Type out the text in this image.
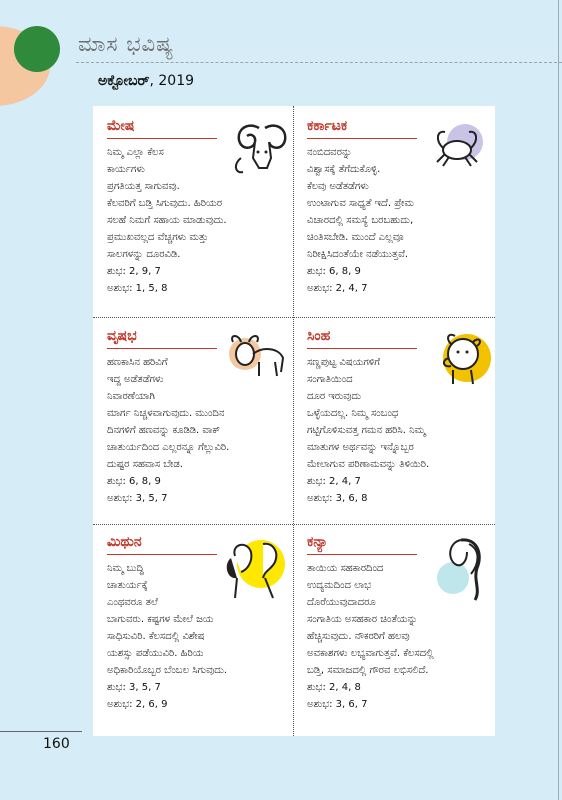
ಮಾಸ ಭವಿಷ್ಯ
ಅಕ್ಟೋಬರ್, 2019
ಮೇಷ
ನಿಮ್ಮ ಎಲ್ಲಾ ಕೆಲಸ
ಕಾರ್ಯಗಳು
ಪ್ರಗತಿಯತ್ತ ಸಾಗುವವು.
ಕೆಲವರಿಗೆ ಬಡ್ತಿ ಸಿಗುವುದು. ಹಿರಿಯರ
ಸಲಹೆ ನಿಮಗೆ ಸಹಾಯ ಮಾಡುವುದು.
ಪ್ರಮುಖವಲ್ಲದ ವೆಚ್ಚಗಳು ಮತ್ತು
ಸಾಲಗಳನ್ನು ದೂರವಿಡಿ.
ಶುಭ: 2, 9, 7
ಅಶುಭ: 1, 5, 8
ಕರ್ಕಾಟಕ
ನಂಬಿದವರನ್ನು
ವಿಶ್ವಾಸಕ್ಕೆ ತೆಗೆದುಕೊಳ್ಳಿ.
ಕೆಲವು ಅಡೆತಡೆಗಳು
ಉಂಟಾಗುವ ಸಾಧ್ಯತೆ ಇದೆ. ಪ್ರೇಮ
ವಿಚಾರದಲ್ಲಿ ಸಮಸ್ಯೆ ಬರಬಹುದು,
ಚಿಂತಿಸಬೇಡಿ. ಮುಂದೆ ಎಲ್ಲವೂ
ನಿರೀಕ್ಷಿಸಿದಂತೆಯೇ ನಡೆಯುತ್ತವೆ.
ಶುಭ: 6, 8, 9
ಅಶುಭ: 2, 4, 7
ವೃಷಭ
ಹಣಕಾಸಿನ ಹರಿವಿಗೆ
ಇದ್ದ ಅಡೆತಡೆಗಳು
ನಿವಾರಣೆಯಾಗಿ
ಮಾರ್ಗ ನಿಚ್ಚಳವಾಗುವುದು. ಮುಂದಿನ
ದಿನಗಳಿಗೆ ಹಣವನ್ನು ಕೂಡಿಡಿ. ವಾಕ್
ಚಾತುರ್ಯದಿಂದ ಎಲ್ಲರನ್ನೂ ಗೆಲ್ಲುವಿರಿ.
ದುಷ್ಟರ ಸಹವಾಸ ಬೇಡ.
ಶುಭ: 6, 8, 9
ಅಶುಭ: 3, 5, 7
ಸಿಂಹ
ಸಣ್ಣಪುಟ್ಟ ವಿಷಯಗಳಿಗೆ
ಸಂಗಾತಿಯಿಂದ
ದೂರ ಇರುವುದು
ಒಳ್ಳೆಯದಲ್ಲ. ನಿಮ್ಮ ಸಂಬಂಧ
ಗಟ್ಟಿಗೊಳಿಸುವತ್ತ ಗಮನ ಹರಿಸಿ. ನಿಮ್ಮ
ಮಾತುಗಳ ಅರ್ಥವನ್ನು ಇನ್ನೊಬ್ಬರ
ಮೇಲಾಗುವ ಪರಿಣಾಮವನ್ನು ತಿಳಿಯಿರಿ.
ಶುಭ: 2, 4, 7
ಅಶುಭ: 3, 6, 8
ಮಿಥುನ
ನಿಮ್ಮ ಬುದ್ಧಿ
ಚಾತುರ್ಯಕ್ಕೆ
ಎಂಥವರೂ ತಲೆ
ಬಾಗುವರು. ಕಷ್ಟಗಳ ಮೇಲೆ ಜಯ
ಸಾಧಿಸುವಿರಿ. ಕೆಲಸದಲ್ಲಿ ವಿಶೇಷ
ಯಶಸ್ಸು ಪಡೆಯುವಿರಿ. ಹಿರಿಯ
ಅಧಿಕಾರಿಯೊಬ್ಬರ ಬೆಂಬಲ ಸಿಗುವುದು.
ಶುಭ: 3, 5, 7
ಅಶುಭ: 2, 6, 9
ಕನ್ಯಾ
ತಾಯಿಯ ಸಹಕಾರದಿಂದ
ಉದ್ಯಮದಿಂದ ಲಾಭ
ದೊರೆಯುವುದಾದರೂ
ಸಂಗಾತಿಯ ಅಸಹಕಾರ ಚಿಂತೆಯನ್ನು
ಹೆಚ್ಚಿಸುವುದು. ನೌಕರರಿಗೆ ಹಲವು
ಅವಕಾಶಗಳು ಲಭ್ಯವಾಗುತ್ತವೆ. ಕೆಲಸದಲ್ಲಿ
ಬಡ್ತಿ, ಸಮಾಜದಲ್ಲಿ ಗೌರವ ಲಭಿಸಲಿದೆ.
ಶುಭ: 2, 4, 8
ಅಶುಭ: 3, 6, 7
160
